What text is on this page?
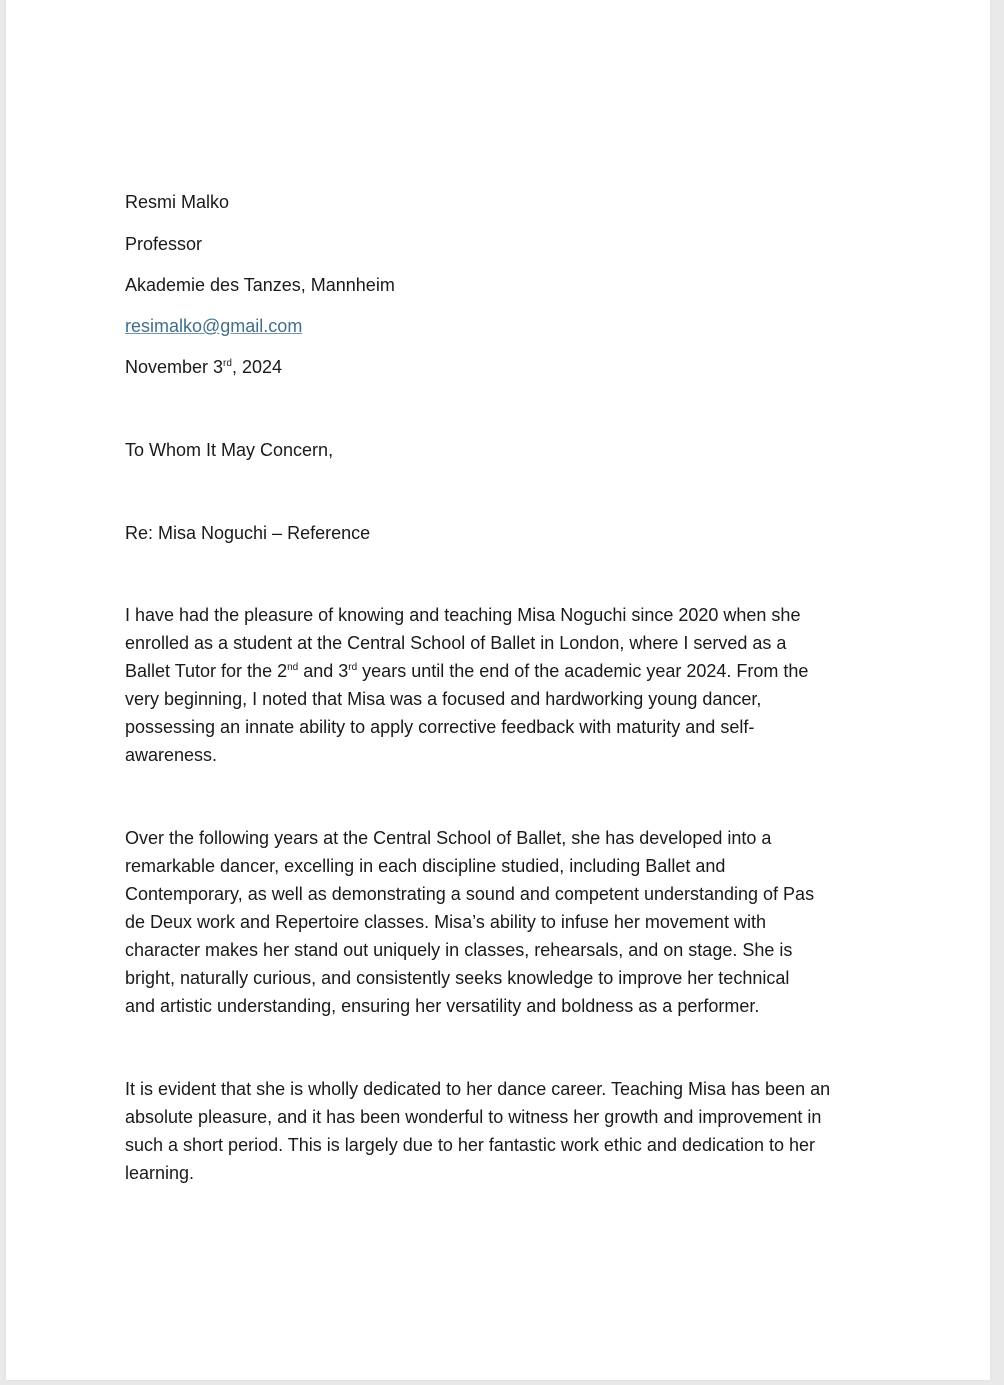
Resmi Malko
Professor
Akademie des Tanzes, Mannheim
resimalko@gmail.com
November 3rd, 2024
To Whom It May Concern,
Re: Misa Noguchi – Reference
I have had the pleasure of knowing and teaching Misa Noguchi since 2020 when she
enrolled as a student at the Central School of Ballet in London, where I served as a
Ballet Tutor for the 2nd and 3rd years until the end of the academic year 2024. From the
very beginning, I noted that Misa was a focused and hardworking young dancer,
possessing an innate ability to apply corrective feedback with maturity and self-
awareness.
Over the following years at the Central School of Ballet, she has developed into a
remarkable dancer, excelling in each discipline studied, including Ballet and
Contemporary, as well as demonstrating a sound and competent understanding of Pas
de Deux work and Repertoire classes. Misa’s ability to infuse her movement with
character makes her stand out uniquely in classes, rehearsals, and on stage. She is
bright, naturally curious, and consistently seeks knowledge to improve her technical
and artistic understanding, ensuring her versatility and boldness as a performer.
It is evident that she is wholly dedicated to her dance career. Teaching Misa has been an
absolute pleasure, and it has been wonderful to witness her growth and improvement in
such a short period. This is largely due to her fantastic work ethic and dedication to her
learning.
